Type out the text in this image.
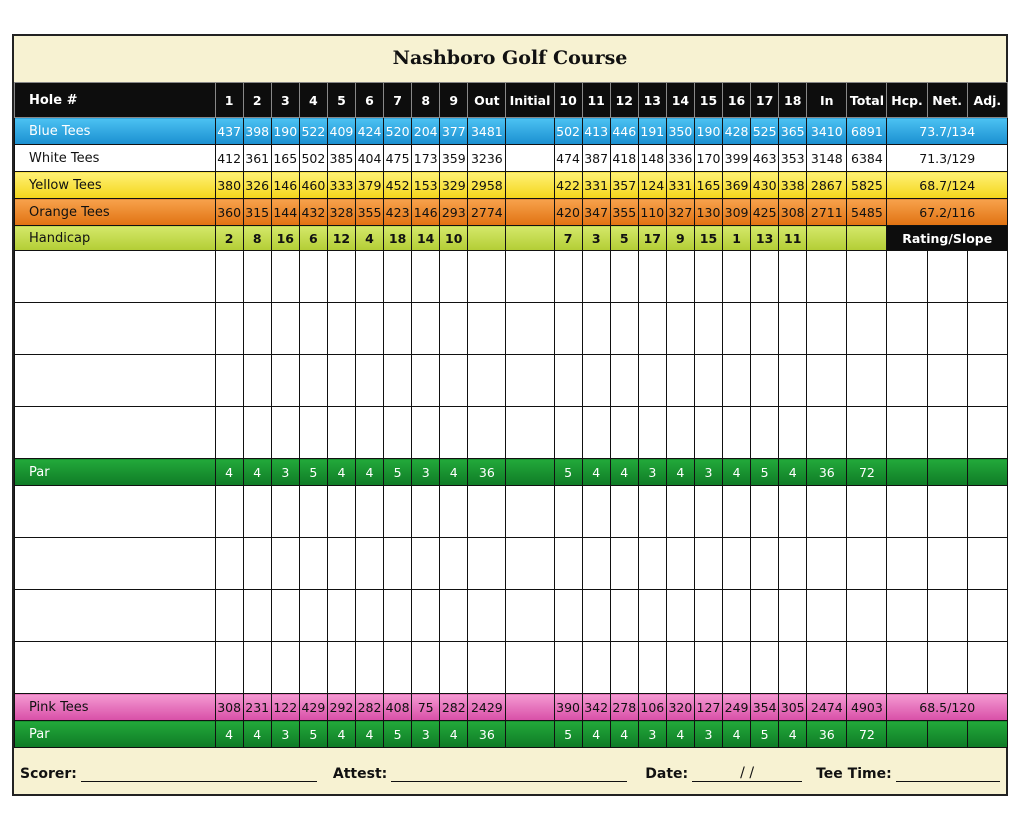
Nashboro Golf Course
Hole #	1	2	3	4	5	6	7	8	9	Out	Initial	10	11	12	13	14	15	16	17	18	In	Total	Hcp.	Net.	Adj.
Blue Tees	437	398	190	522	409	424	520	204	377	3481		502	413	446	191	350	190	428	525	365	3410	6891	73.7/134		
White Tees	412	361	165	502	385	404	475	173	359	3236		474	387	418	148	336	170	399	463	353	3148	6384	71.3/129		
Yellow Tees	380	326	146	460	333	379	452	153	329	2958		422	331	357	124	331	165	369	430	338	2867	5825	68.7/124		
Orange Tees	360	315	144	432	328	355	423	146	293	2774		420	347	355	110	327	130	309	425	308	2711	5485	67.2/116		
Handicap	2	8	16	6	12	4	18	14	10			7	3	5	17	9	15	1	13	11			Rating/Slope		

Par	4	4	3	5	4	4	5	3	4	36		5	4	4	3	4	3	4	5	4	36	72			

Pink Tees	308	231	122	429	292	282	408	75	282	2429		390	342	278	106	320	127	249	354	305	2474	4903	68.5/120		
Par	4	4	3	5	4	4	5	3	4	36		5	4	4	3	4	3	4	5	4	36	72			
Scorer:	Attest:	Date:	/ /	Tee Time:
